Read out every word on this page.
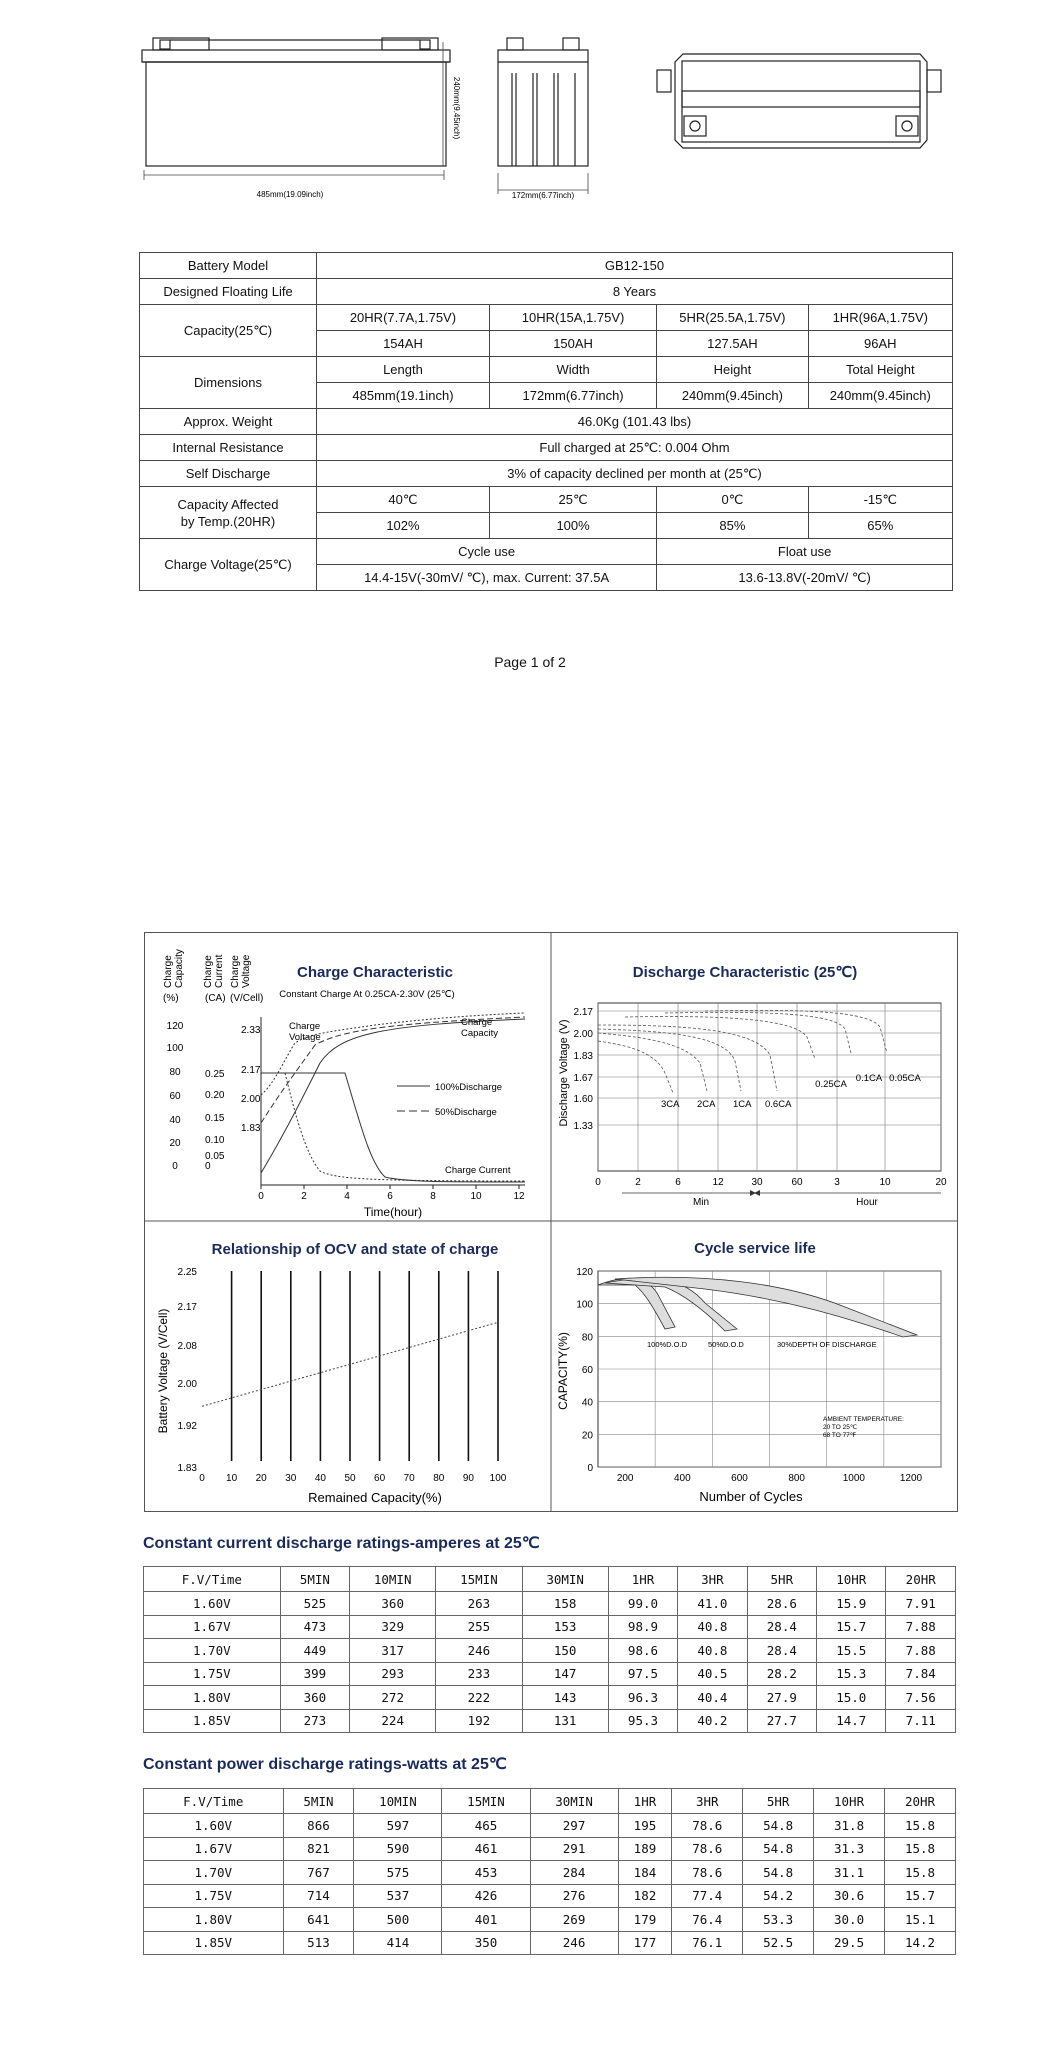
485mm(19.09inch)
240mm(9.45inch)
172mm(6.77inch)
Battery Model	GB12-150			
Designed Floating Life	8 Years			
Capacity(25℃)	20HR(7.7A,1.75V)	10HR(15A,1.75V)	5HR(25.5A,1.75V)	1HR(96A,1.75V)
	154AH	150AH	127.5AH	96AH
Dimensions	Length	Width	Height	Total Height
	485mm(19.1inch)	172mm(6.77inch)	240mm(9.45inch)	240mm(9.45inch)
Approx. Weight	46.0Kg (101.43 lbs)			
Internal Resistance	Full charged at 25℃: 0.004 Ohm			
Self Discharge	3% of capacity declined per month at (25℃)			
Capacity Affected
by Temp.(20HR)	40℃	25℃	0℃	-15℃
	102%	100%	85%	65%
Charge Voltage(25℃)	Cycle use		Float use	
	14.4-15V(-30mV/ ℃), max. Current: 37.5A		13.6-13.8V(-20mV/ ℃)	
Page 1 of 2
Charge Characteristic
Constant Charge At 0.25CA-2.30V (25℃)
Charge Capacity Charge Current Charge Voltage
(%)	(CA) (V/Cell)
120
100
80
60
40
20
0
0.25
0.20
0.15
0.10
0.05
0
2.33
2.17
2.00
1.83
0	2	4	6	8	10	12
Charge Voltage
Charge Capacity
Charge Current
100%Discharge
50%Discharge
Time(hour)
Discharge Characteristic (25℃)
Discharge Voltage (V)
2.17
2.00
1.83
1.67
1.60
1.33
0	2	6	12	30	60	3	10	20
3CA 2CA 1CA 0.6CA
0.25CA
0.1CA 0.05CA
Min	Hour
Relationship of OCV and state of charge
Battery Voltage (V/Cell)
2.25
2.17
2.08
2.00
1.92
1.83
0 10 20 30 40 50 60 70 80 90 100
Remained Capacity(%)
Cycle service life
CAPACITY(%)
120
100
80
60
40
20
0
200	400	600	800	1000	1200
100%D.O.D	50%D.O.D	30%DEPTH OF DISCHARGE
AMBIENT TEMPERATURE:
20 TO 25℃
68 TO 77℉
Number of Cycles
Constant current discharge ratings-amperes at 25℃
F.V/Time	5MIN	10MIN	15MIN	30MIN	1HR	3HR	5HR	10HR	20HR
1.60V	525	360	263	158	99.0	41.0	28.6	15.9	7.91
1.67V	473	329	255	153	98.9	40.8	28.4	15.7	7.88
1.70V	449	317	246	150	98.6	40.8	28.4	15.5	7.88
1.75V	399	293	233	147	97.5	40.5	28.2	15.3	7.84
1.80V	360	272	222	143	96.3	40.4	27.9	15.0	7.56
1.85V	273	224	192	131	95.3	40.2	27.7	14.7	7.11
Constant power discharge ratings-watts at 25℃
F.V/Time	5MIN	10MIN	15MIN	30MIN	1HR	3HR	5HR	10HR	20HR
1.60V	866	597	465	297	195	78.6	54.8	31.8	15.8
1.67V	821	590	461	291	189	78.6	54.8	31.3	15.8
1.70V	767	575	453	284	184	78.6	54.8	31.1	15.8
1.75V	714	537	426	276	182	77.4	54.2	30.6	15.7
1.80V	641	500	401	269	179	76.4	53.3	30.0	15.1
1.85V	513	414	350	246	177	76.1	52.5	29.5	14.2
